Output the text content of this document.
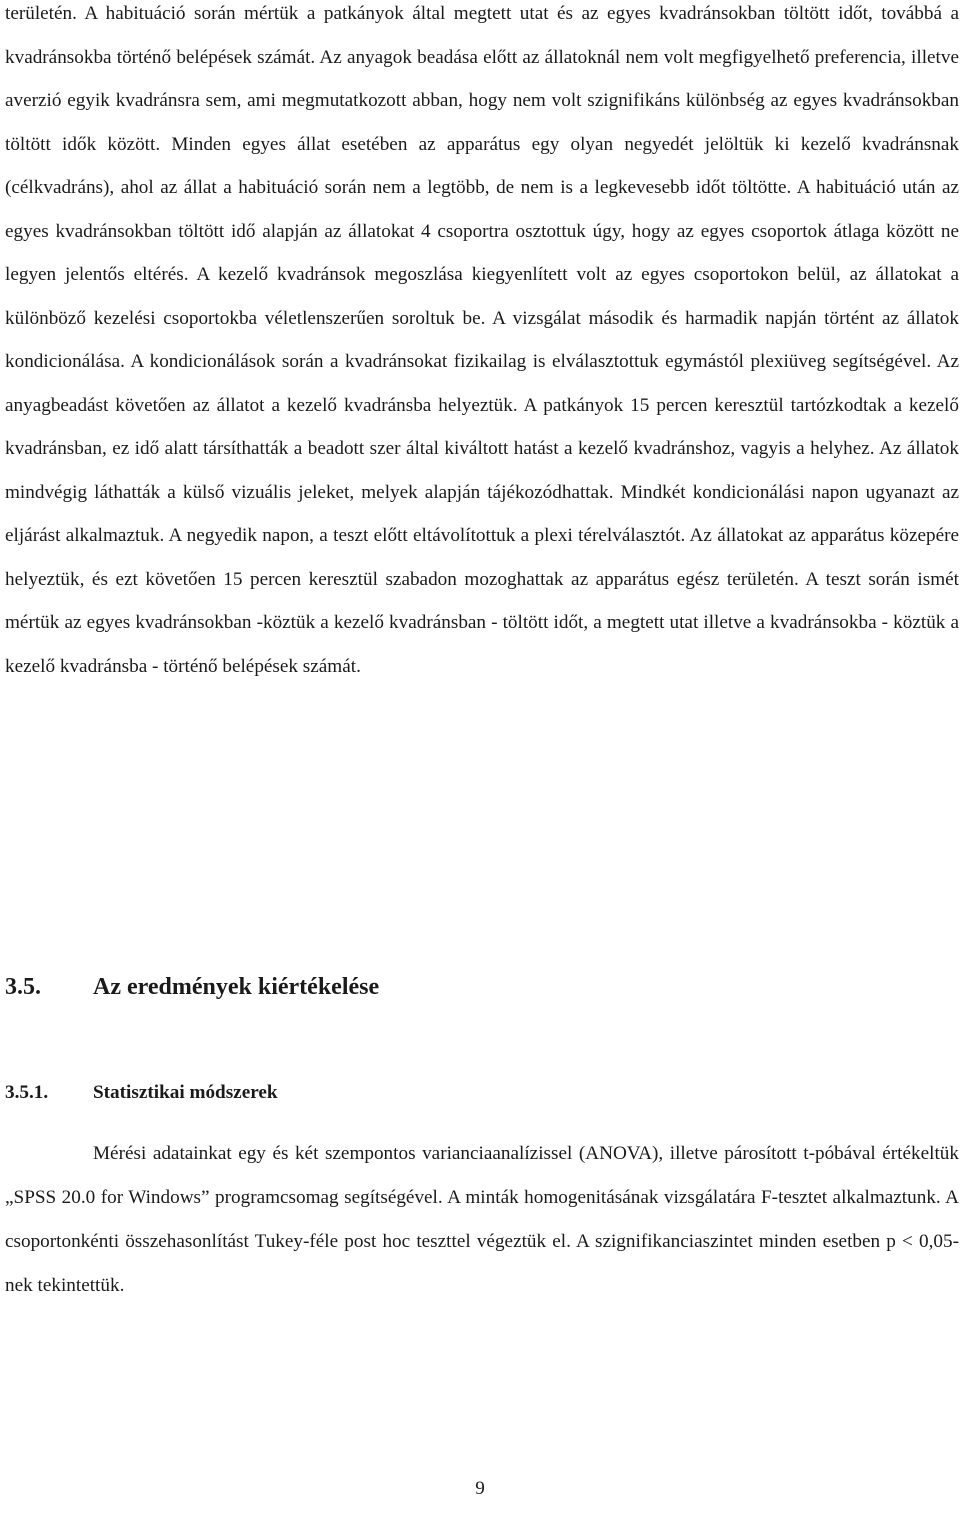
területén. A habituáció során mértük a patkányok által megtett utat és az egyes kvadránsokban töltött időt, továbbá a kvadránsokba történő belépések számát. Az anyagok beadása előtt az állatoknál nem volt megfigyelhető preferencia, illetve averzió egyik kvadránsra sem, ami megmutatkozott abban, hogy nem volt szignifikáns különbség az egyes kvadránsokban töltött idők között. Minden egyes állat esetében az apparátus egy olyan negyedét jelöltük ki kezelő kvadránsnak (célkvadráns), ahol az állat a habituáció során nem a legtöbb, de nem is a legkevesebb időt töltötte. A habituáció után az egyes kvadránsokban töltött idő alapján az állatokat 4 csoportra osztottuk úgy, hogy az egyes csoportok átlaga között ne legyen jelentős eltérés. A kezelő kvadránsok megoszlása kiegyenlített volt az egyes csoportokon belül, az állatokat a különböző kezelési csoportokba véletlenszerűen soroltuk be. A vizsgálat második és harmadik napján történt az állatok kondicionálása. A kondicionálások során a kvadránsokat fizikailag is elválasztottuk egymástól plexiüveg segítségével. Az anyagbeadást követően az állatot a kezelő kvadránsba helyeztük. A patkányok 15 percen keresztül tartózkodtak a kezelő kvadránsban, ez idő alatt társíthatták a beadott szer által kiváltott hatást a kezelő kvadránshoz, vagyis a helyhez. Az állatok mindvégig láthatták a külső vizuális jeleket, melyek alapján tájékozódhattak. Mindkét kondicionálási napon ugyanazt az eljárást alkalmaztuk. A negyedik napon, a teszt előtt eltávolítottuk a plexi térelválasztót. Az állatokat az apparátus közepére helyeztük, és ezt követően 15 percen keresztül szabadon mozoghattak az apparátus egész területén. A teszt során ismét mértük az egyes kvadránsokban -köztük a kezelő kvadránsban - töltött időt, a megtett utat illetve a kvadránsokba - köztük a kezelő kvadránsba - történő belépések számát.

3.5. Az eredmények kiértékelése
3.5.1. Statisztikai módszerek

Mérési adatainkat egy és két szempontos varianciaanalízissel (ANOVA), illetve párosított t-póbával értékeltük „SPSS 20.0 for Windows” programcsomag segítségével. A minták homogenitásának vizsgálatára F-tesztet alkalmaztunk. A csoportonkénti összehasonlítást Tukey-féle post hoc teszttel végeztük el. A szignifikanciaszintet minden esetben p < 0,05-nek tekintettük.

9
